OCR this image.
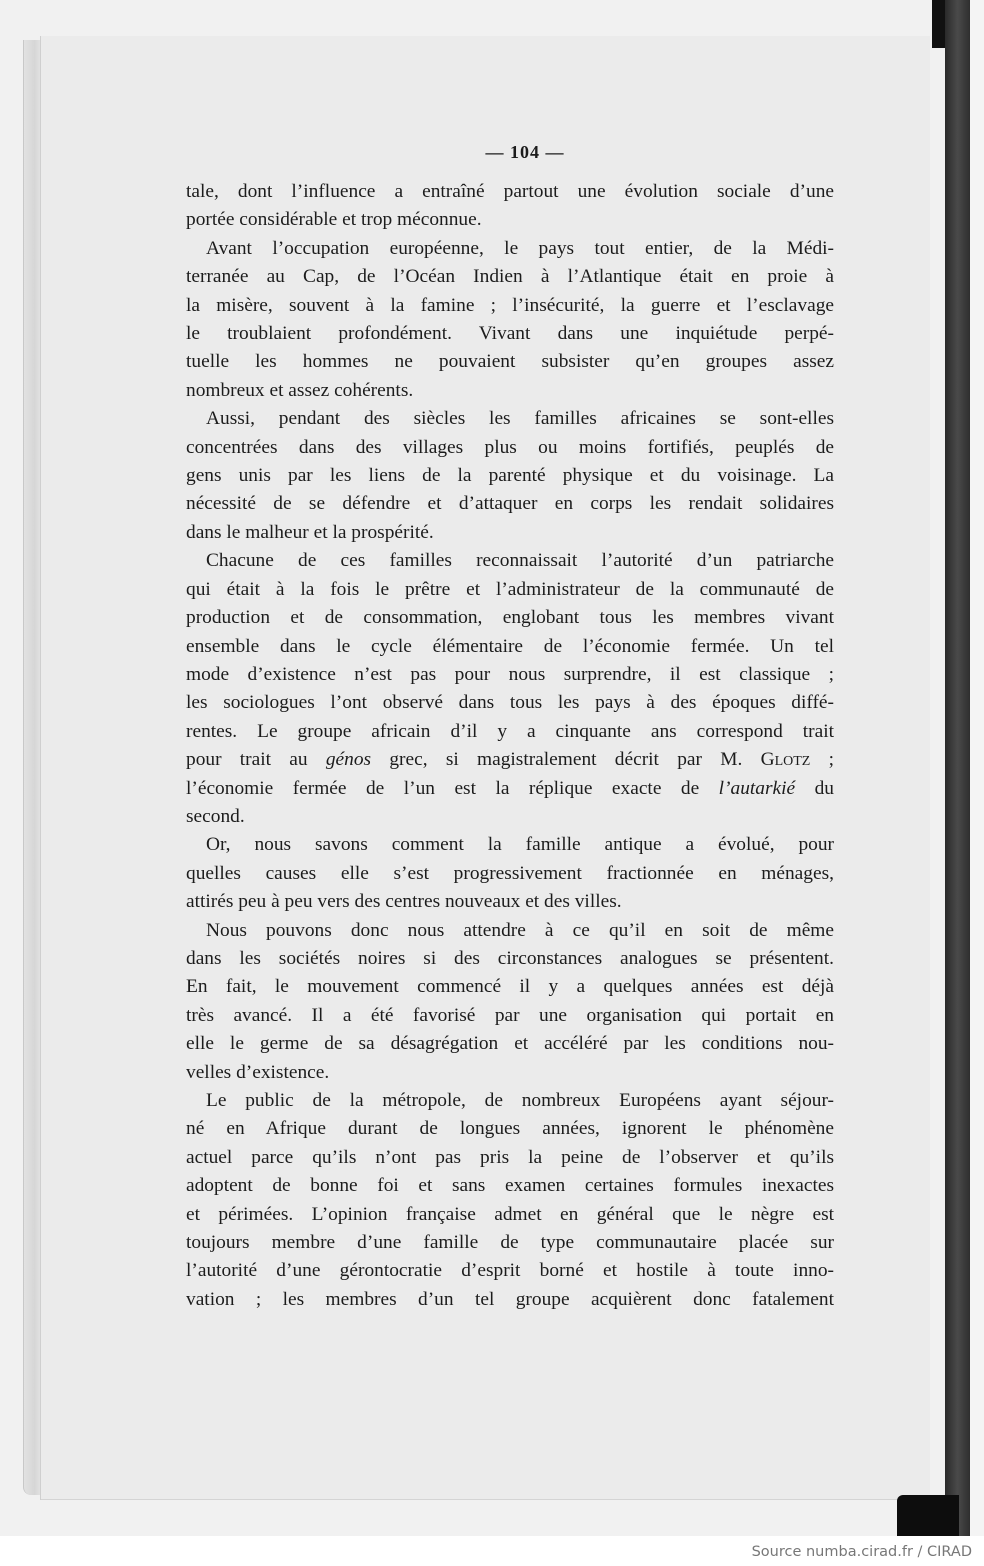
— 104 —

tale, dont l’influence a entraîné partout une évolution sociale d’une
portée considérable et trop méconnue.

Avant l’occupation européenne, le pays tout entier, de la Médi-
terranée au Cap, de l’Océan Indien à l’Atlantique était en proie à
la misère, souvent à la famine ; l’insécurité, la guerre et l’esclavage
le troublaient profondément. Vivant dans une inquiétude perpé-
tuelle les hommes ne pouvaient subsister qu’en groupes assez
nombreux et assez cohérents.

Aussi, pendant des siècles les familles africaines se sont-elles
concentrées dans des villages plus ou moins fortifiés, peuplés de
gens unis par les liens de la parenté physique et du voisinage. La
nécessité de se défendre et d’attaquer en corps les rendait solidaires
dans le malheur et la prospérité.

Chacune de ces familles reconnaissait l’autorité d’un patriarche
qui était à la fois le prêtre et l’administrateur de la communauté de
production et de consommation, englobant tous les membres vivant
ensemble dans le cycle élémentaire de l’économie fermée. Un tel
mode d’existence n’est pas pour nous surprendre, il est classique ;
les sociologues l’ont observé dans tous les pays à des époques diffé-
rentes. Le groupe africain d’il y a cinquante ans correspond trait
pour trait au génos grec, si magistralement décrit par M. Glotz ;
l’économie fermée de l’un est la réplique exacte de l’autarkié du
second.

Or, nous savons comment la famille antique a évolué, pour
quelles causes elle s’est progressivement fractionnée en ménages,
attirés peu à peu vers des centres nouveaux et des villes.

Nous pouvons donc nous attendre à ce qu’il en soit de même
dans les sociétés noires si des circonstances analogues se présentent.
En fait, le mouvement commencé il y a quelques années est déjà
très avancé. Il a été favorisé par une organisation qui portait en
elle le germe de sa désagrégation et accéléré par les conditions nou-
velles d’existence.

Le public de la métropole, de nombreux Européens ayant séjour-
né en Afrique durant de longues années, ignorent le phénomène
actuel parce qu’ils n’ont pas pris la peine de l’observer et qu’ils
adoptent de bonne foi et sans examen certaines formules inexactes
et périmées. L’opinion française admet en général que le nègre est
toujours membre d’une famille de type communautaire placée sur
l’autorité d’une gérontocratie d’esprit borné et hostile à toute inno-
vation ; les membres d’un tel groupe acquièrent donc fatalement

Source numba.cirad.fr / CIRAD
